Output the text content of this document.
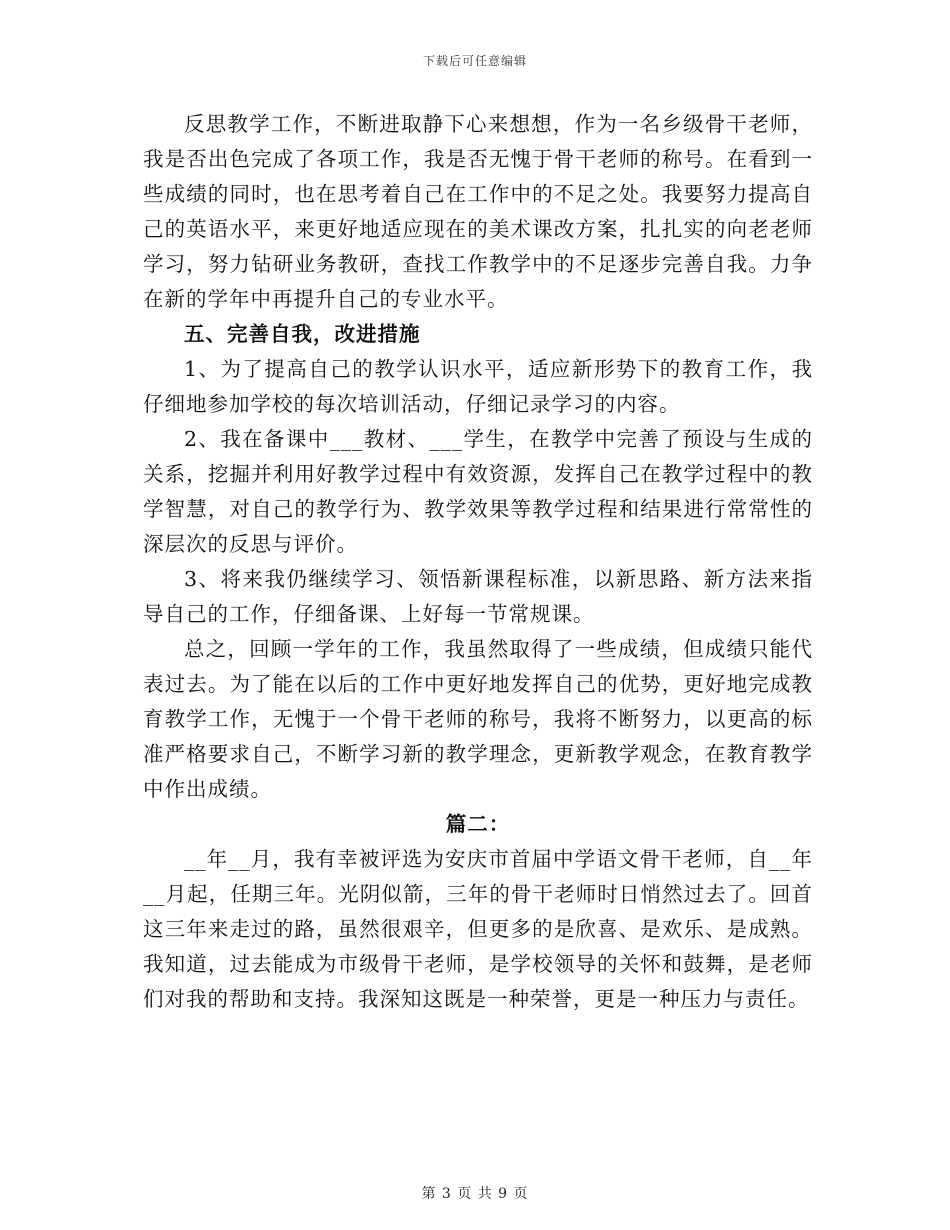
下载后可任意编辑

反思教学工作，不断进取静下心来想想，作为一名乡级骨干老师，我是否出色完成了各项工作，我是否无愧于骨干老师的称号。在看到一些成绩的同时，也在思考着自己在工作中的不足之处。我要努力提高自己的英语水平，来更好地适应现在的美术课改方案，扎扎实的向老老师学习，努力钻研业务教研，查找工作教学中的不足逐步完善自我。力争在新的学年中再提升自己的专业水平。

五、完善自我，改进措施

1、为了提高自己的教学认识水平，适应新形势下的教育工作，我仔细地参加学校的每次培训活动，仔细记录学习的内容。

2、我在备课中___教材、___学生，在教学中完善了预设与生成的关系，挖掘并利用好教学过程中有效资源，发挥自己在教学过程中的教学智慧，对自己的教学行为、教学效果等教学过程和结果进行常常性的深层次的反思与评价。

3、将来我仍继续学习、领悟新课程标准，以新思路、新方法来指导自己的工作，仔细备课、上好每一节常规课。

总之，回顾一学年的工作，我虽然取得了一些成绩，但成绩只能代表过去。为了能在以后的工作中更好地发挥自己的优势，更好地完成教育教学工作，无愧于一个骨干老师的称号，我将不断努力，以更高的标准严格要求自己，不断学习新的教学理念，更新教学观念，在教育教学中作出成绩。

篇二：

__年__月，我有幸被评选为安庆市首届中学语文骨干老师，自__年__月起，任期三年。光阴似箭，三年的骨干老师时日悄然过去了。回首这三年来走过的路，虽然很艰辛，但更多的是欣喜、是欢乐、是成熟。我知道，过去能成为市级骨干老师，是学校领导的关怀和鼓舞，是老师们对我的帮助和支持。我深知这既是一种荣誉，更是一种压力与责任。

第 3 页 共 9 页
